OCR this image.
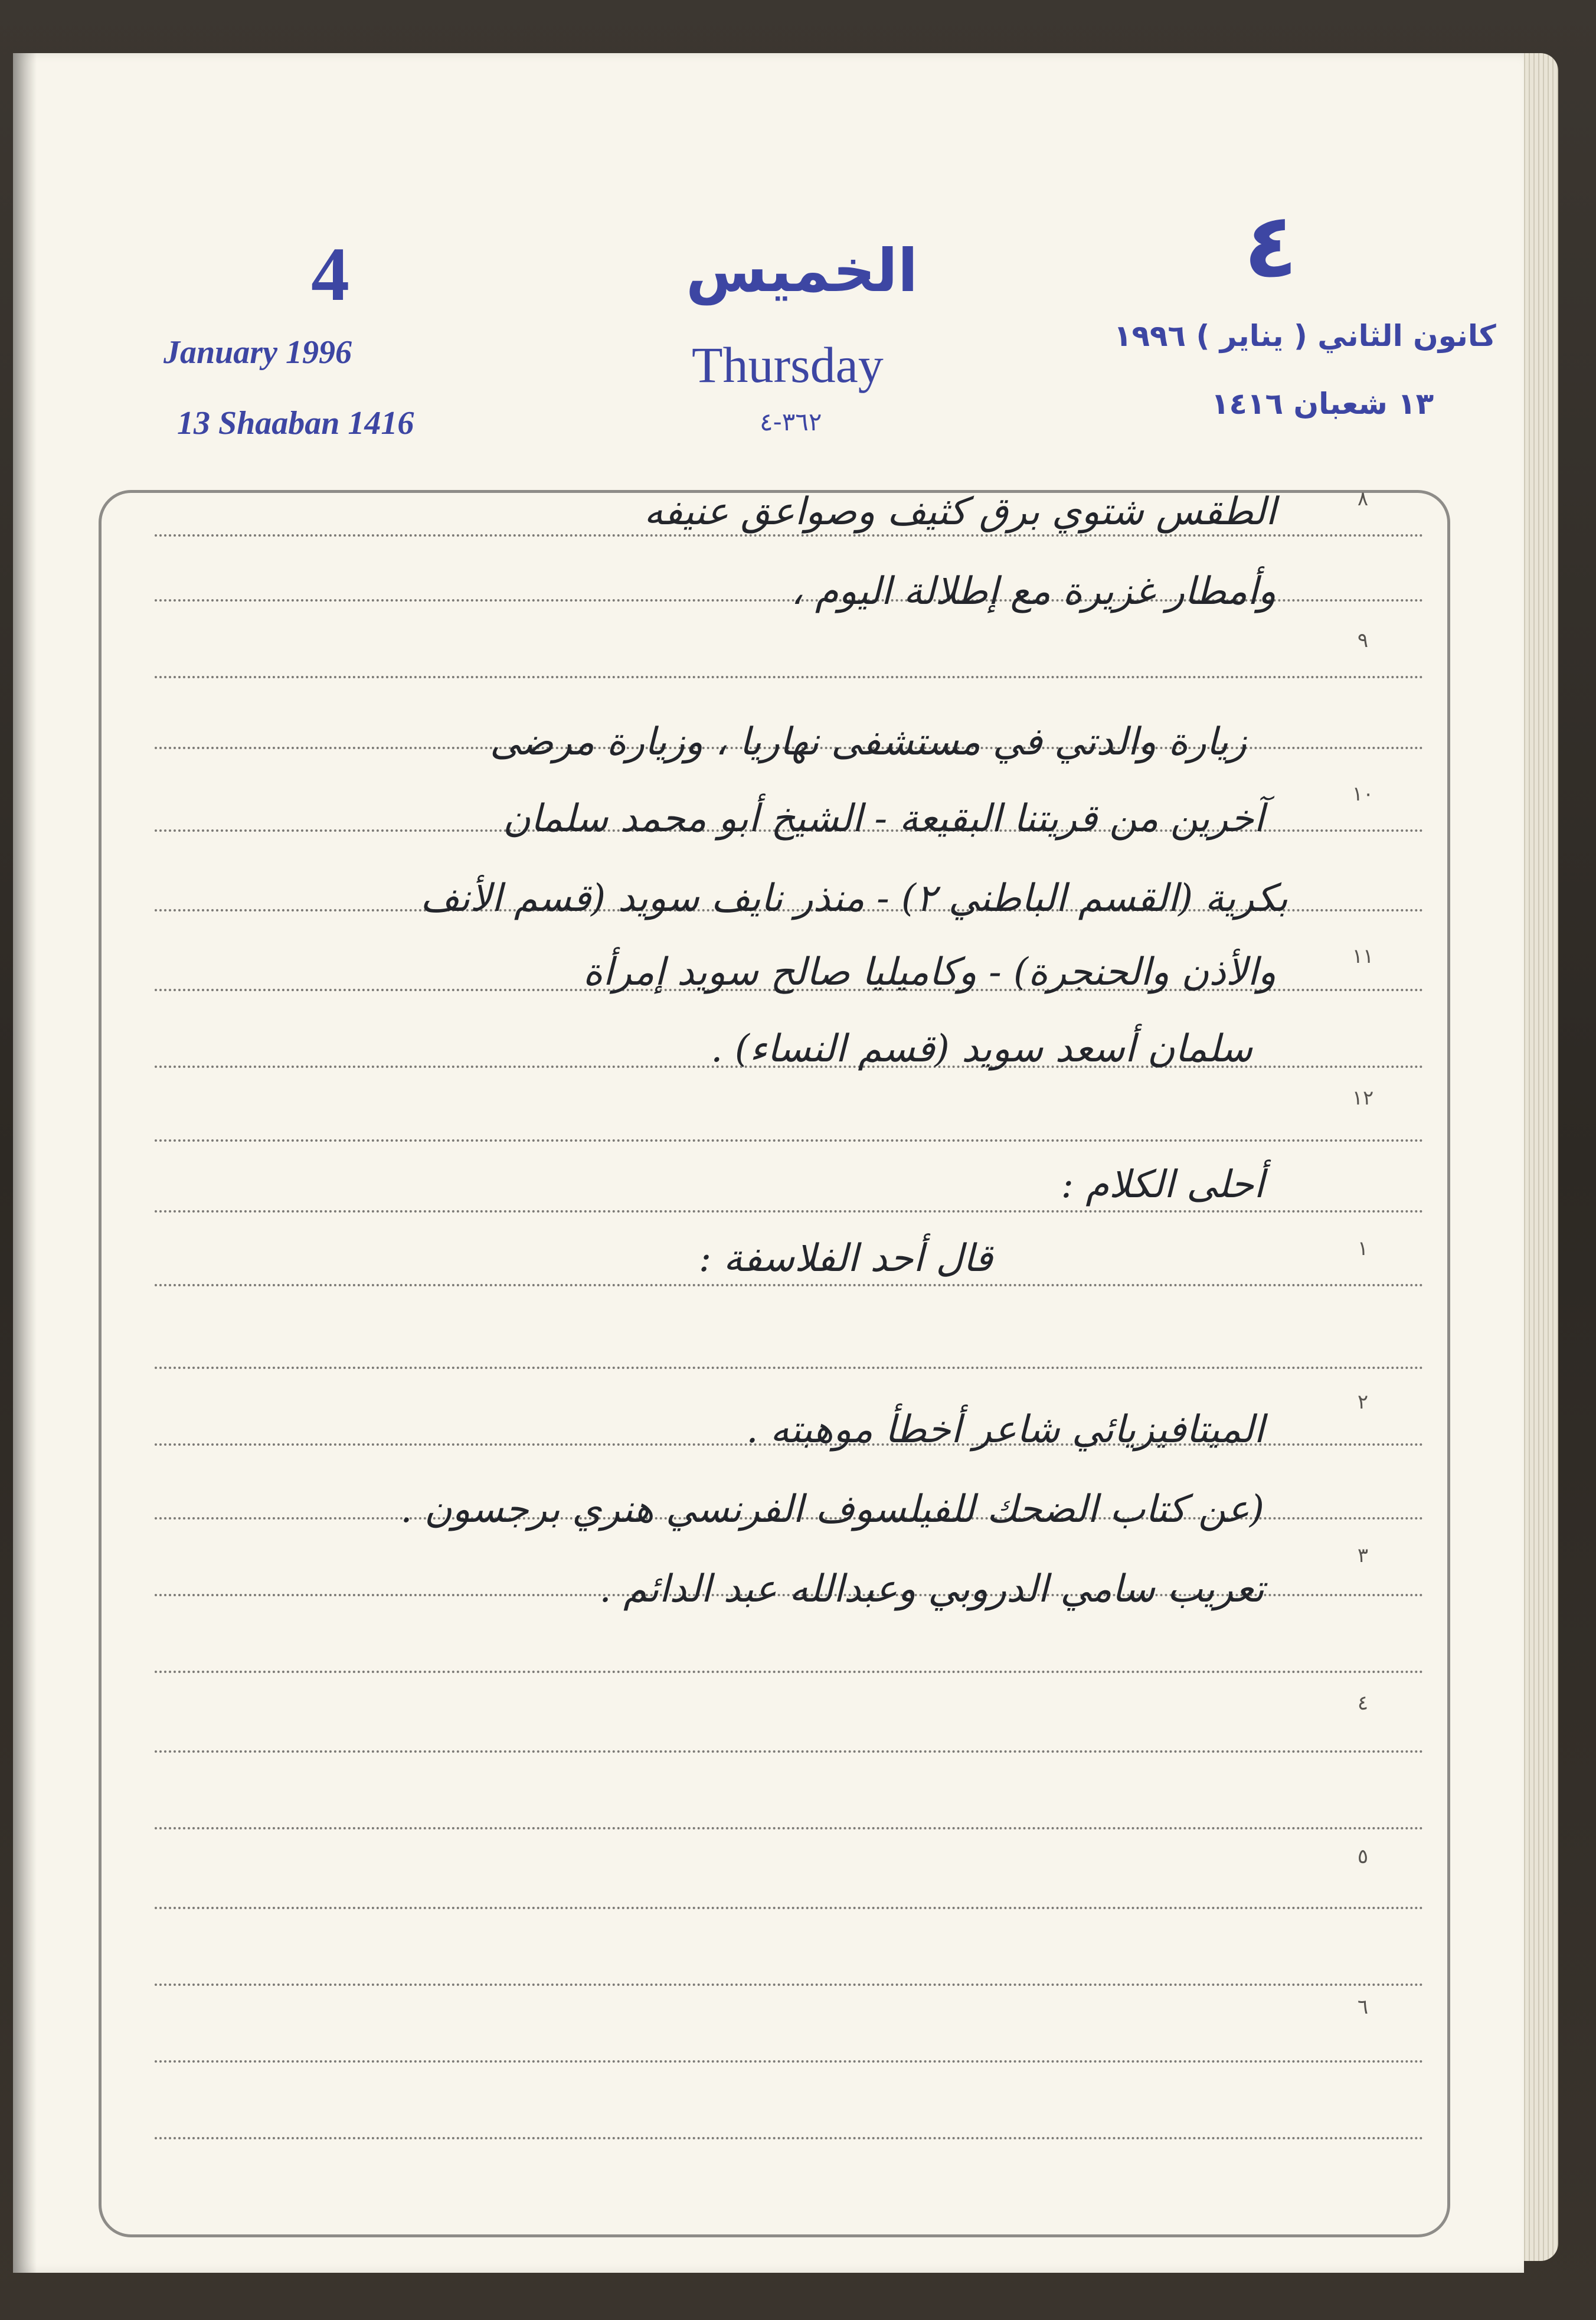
4
January 1996
13 Shaaban 1416
الخميس
Thursday
٣٦٢-٤
٤
كانون الثاني ( يناير ) ١٩٩٦
١٣ شعبان ١٤١٦
٨
٩
١٠
١١
١٢
١
٢
٣
٤
٥
٦
الطقس شتوي برق كثيف وصواعق عنيفه
وأمطار غزيرة مع إطلالة اليوم ،
زيارة والدتي في مستشفى نهاريا ، وزيارة مرضى
آخرين من قريتنا البقيعة - الشيخ أبو محمد سلمان
بكرية (القسم الباطني ٢) - منذر نايف سويد (قسم الأنف
والأذن والحنجرة) - وكاميليا صالح سويد إمرأة
سلمان أسعد سويد (قسم النساء) .
أحلى الكلام :
قال أحد الفلاسفة :
الميتافيزيائي شاعر أخطأ موهبته .
(عن كتاب الضحك للفيلسوف الفرنسي هنري برجسون .
تعريب سامي الدروبي وعبدالله عبد الدائم .
